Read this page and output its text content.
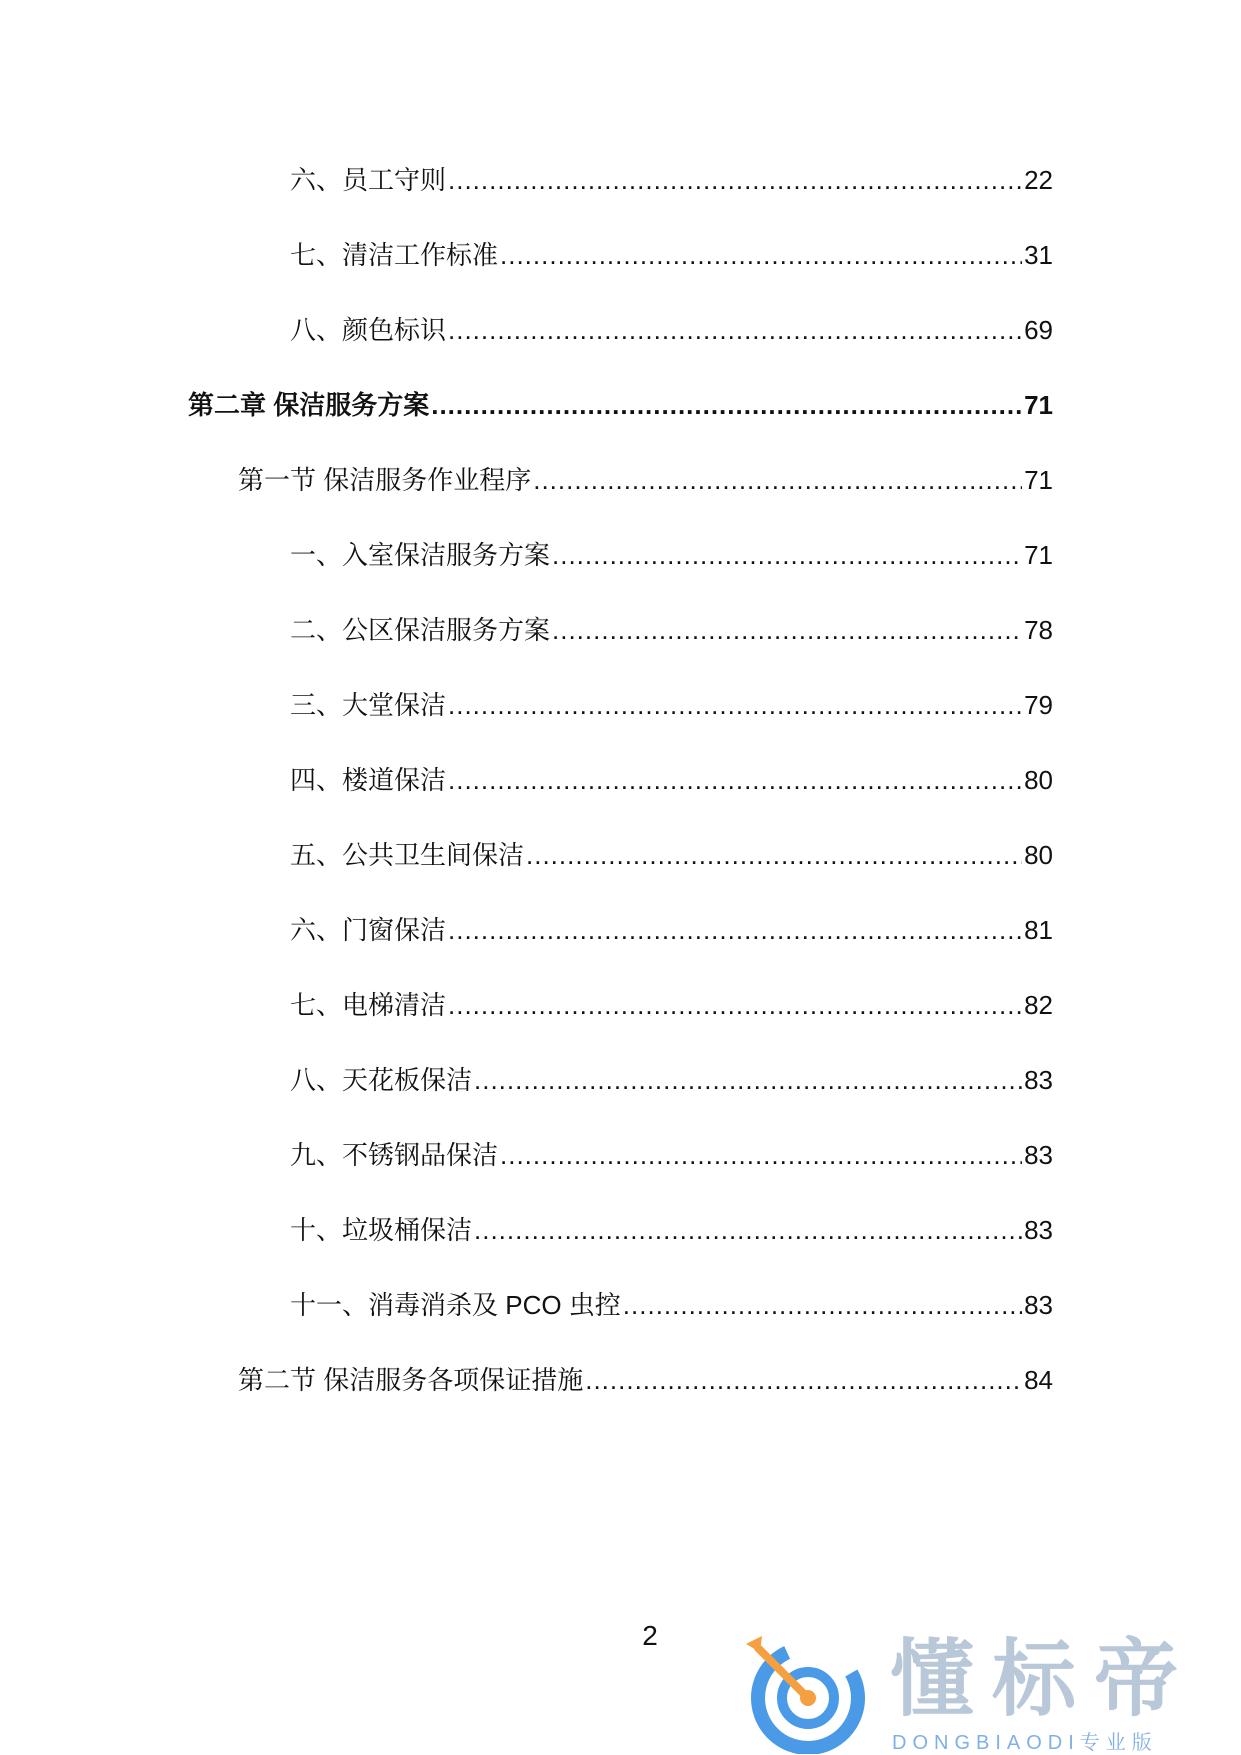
六、员工守则 .....	22
七、清洁工作标准 .....	31
八、颜色标识 .....	69
第二章 保洁服务方案 .....	71
第一节 保洁服务作业程序 .....	71
一、入室保洁服务方案 .....	71
二、公区保洁服务方案 .....	78
三、大堂保洁 .....	79
四、楼道保洁 .....	80
五、公共卫生间保洁 .....	80
六、门窗保洁 .....	81
七、电梯清洁 .....	82
八、天花板保洁 .....	83
九、不锈钢品保洁 .....	83
十、垃圾桶保洁 .....	83
十一、消毒消杀及 PCO 虫控 .....	83
第二节 保洁服务各项保证措施 .....	84
2	懂标帝
DONGBIAODI专业版
